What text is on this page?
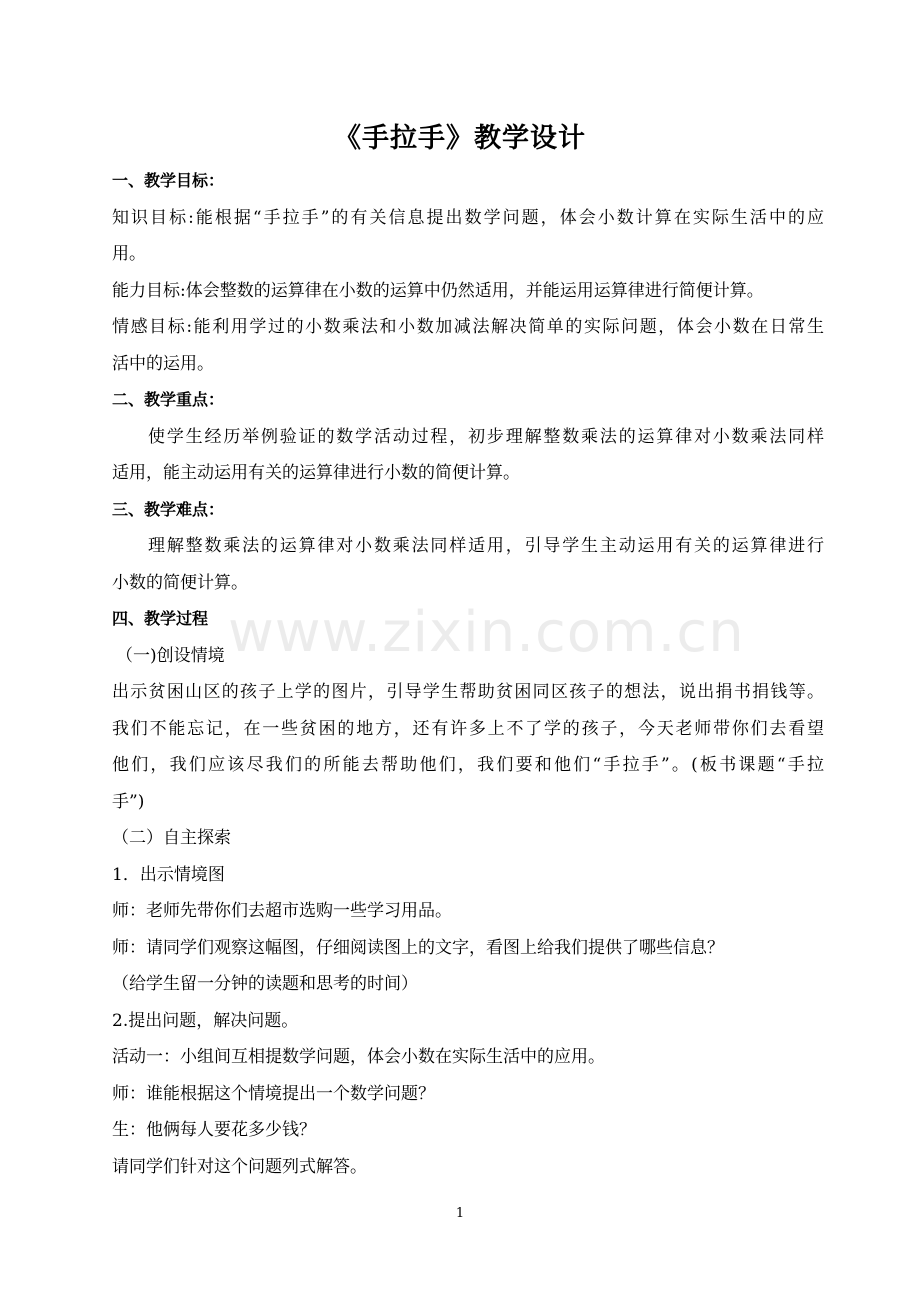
www.zixin.com.cn
《手拉手》教学设计
一、教学目标：
知识目标:能根据“手拉手”的有关信息提出数学问题，体会小数计算在实际生活中的应
用。
能力目标:体会整数的运算律在小数的运算中仍然适用，并能运用运算律进行简便计算。
情感目标:能利用学过的小数乘法和小数加减法解决简单的实际问题，体会小数在日常生
活中的运用。
二、教学重点：
使学生经历举例验证的数学活动过程，初步理解整数乘法的运算律对小数乘法同样
适用，能主动运用有关的运算律进行小数的简便计算。
三、教学难点：
理解整数乘法的运算律对小数乘法同样适用，引导学生主动运用有关的运算律进行
小数的简便计算。
四、教学过程
（一)创设情境
出示贫困山区的孩子上学的图片，引导学生帮助贫困同区孩子的想法，说出捐书捐钱等。
我们不能忘记，在一些贫困的地方，还有许多上不了学的孩子，今天老师带你们去看望
他们，我们应该尽我们的所能去帮助他们，我们要和他们“手拉手”。(板书课题“手拉
手”)
（二）自主探索
1．出示情境图
师：老师先带你们去超市选购一些学习用品。
师：请同学们观察这幅图，仔细阅读图上的文字，看图上给我们提供了哪些信息？
（给学生留一分钟的读题和思考的时间）
2.提出问题，解决问题。
活动一：小组间互相提数学问题，体会小数在实际生活中的应用。
师：谁能根据这个情境提出一个数学问题？
生：他俩每人要花多少钱？
请同学们针对这个问题列式解答。
1
